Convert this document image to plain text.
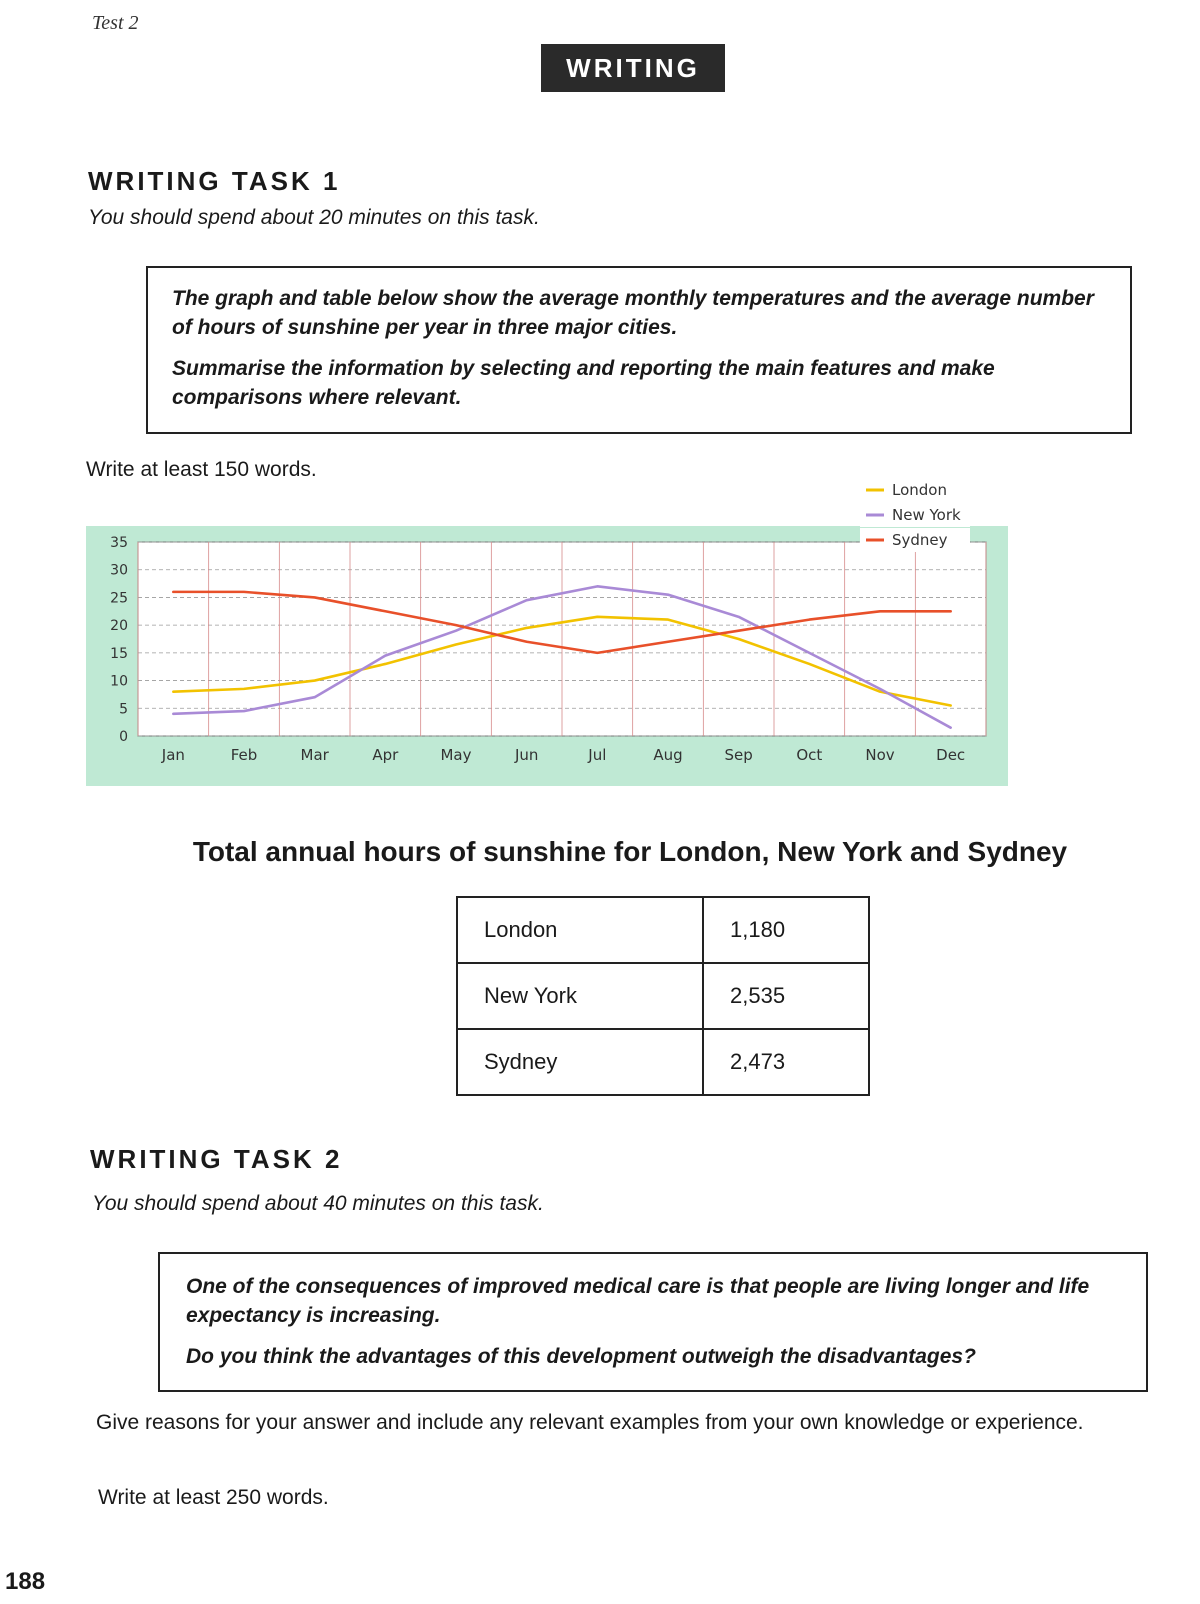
Test 2
WRITING
WRITING TASK 1
You should spend about 20 minutes on this task.

The graph and table below show the average monthly temperatures and the average number of hours of sunshine per year in three major cities.

Summarise the information by selecting and reporting the main features and make comparisons where relevant.

Write at least 150 words.
35
30
25
20
15
10
5
0
Jan	Feb	Mar	Apr	May	Jun	Jul	Aug	Sep	Oct	Nov	Dec
London
New York
Sydney
Total annual hours of sunshine for London, New York and Sydney
London	1,180
New York	2,535
Sydney	2,473
WRITING TASK 2
You should spend about 40 minutes on this task.

One of the consequences of improved medical care is that people are living longer and life expectancy is increasing.

Do you think the advantages of this development outweigh the disadvantages?

Give reasons for your answer and include any relevant examples from your own knowledge or experience.
Write at least 250 words.
188
